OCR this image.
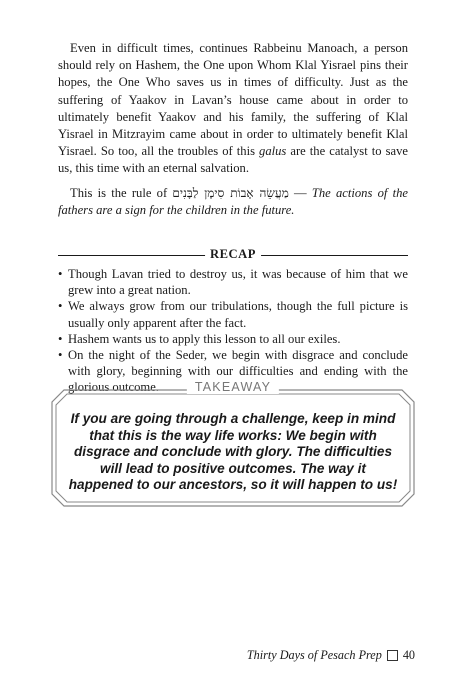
Even in difficult times, continues Rabbeinu Manoach, a person should rely on Hashem, the One upon Whom Klal Yisrael pins their hopes, the One Who saves us in times of difficulty. Just as the suffering of Yaakov in Lavan’s house came about in order to ultimately benefit Yaakov and his family, the suffering of Klal Yisrael in Mitzrayim came about in order to ultimately benefit Klal Yisrael. So too, all the troubles of this galus are the catalyst to save us, this time with an eternal salvation.

This is the rule of מַעֲשֵׂה אָבוֹת סִימָן לַבָּנִים — The actions of the fathers are a sign for the children in the future.

RECAP
• Though Lavan tried to destroy us, it was because of him that we grew into a great nation.
• We always grow from our tribulations, though the full picture is usually only apparent after the fact.
• Hashem wants us to apply this lesson to all our exiles.
• On the night of the Seder, we begin with disgrace and conclude with glory, beginning with our difficulties and ending with the glorious outcome.	TAKEAWAY
If you are going through a challenge, keep in mind that this is the way life works: We begin with disgrace and conclude with glory. The difficulties will lead to positive outcomes. The way it happened to our ancestors, so it will happen to us!
Thirty Days of Pesach Prep 40
